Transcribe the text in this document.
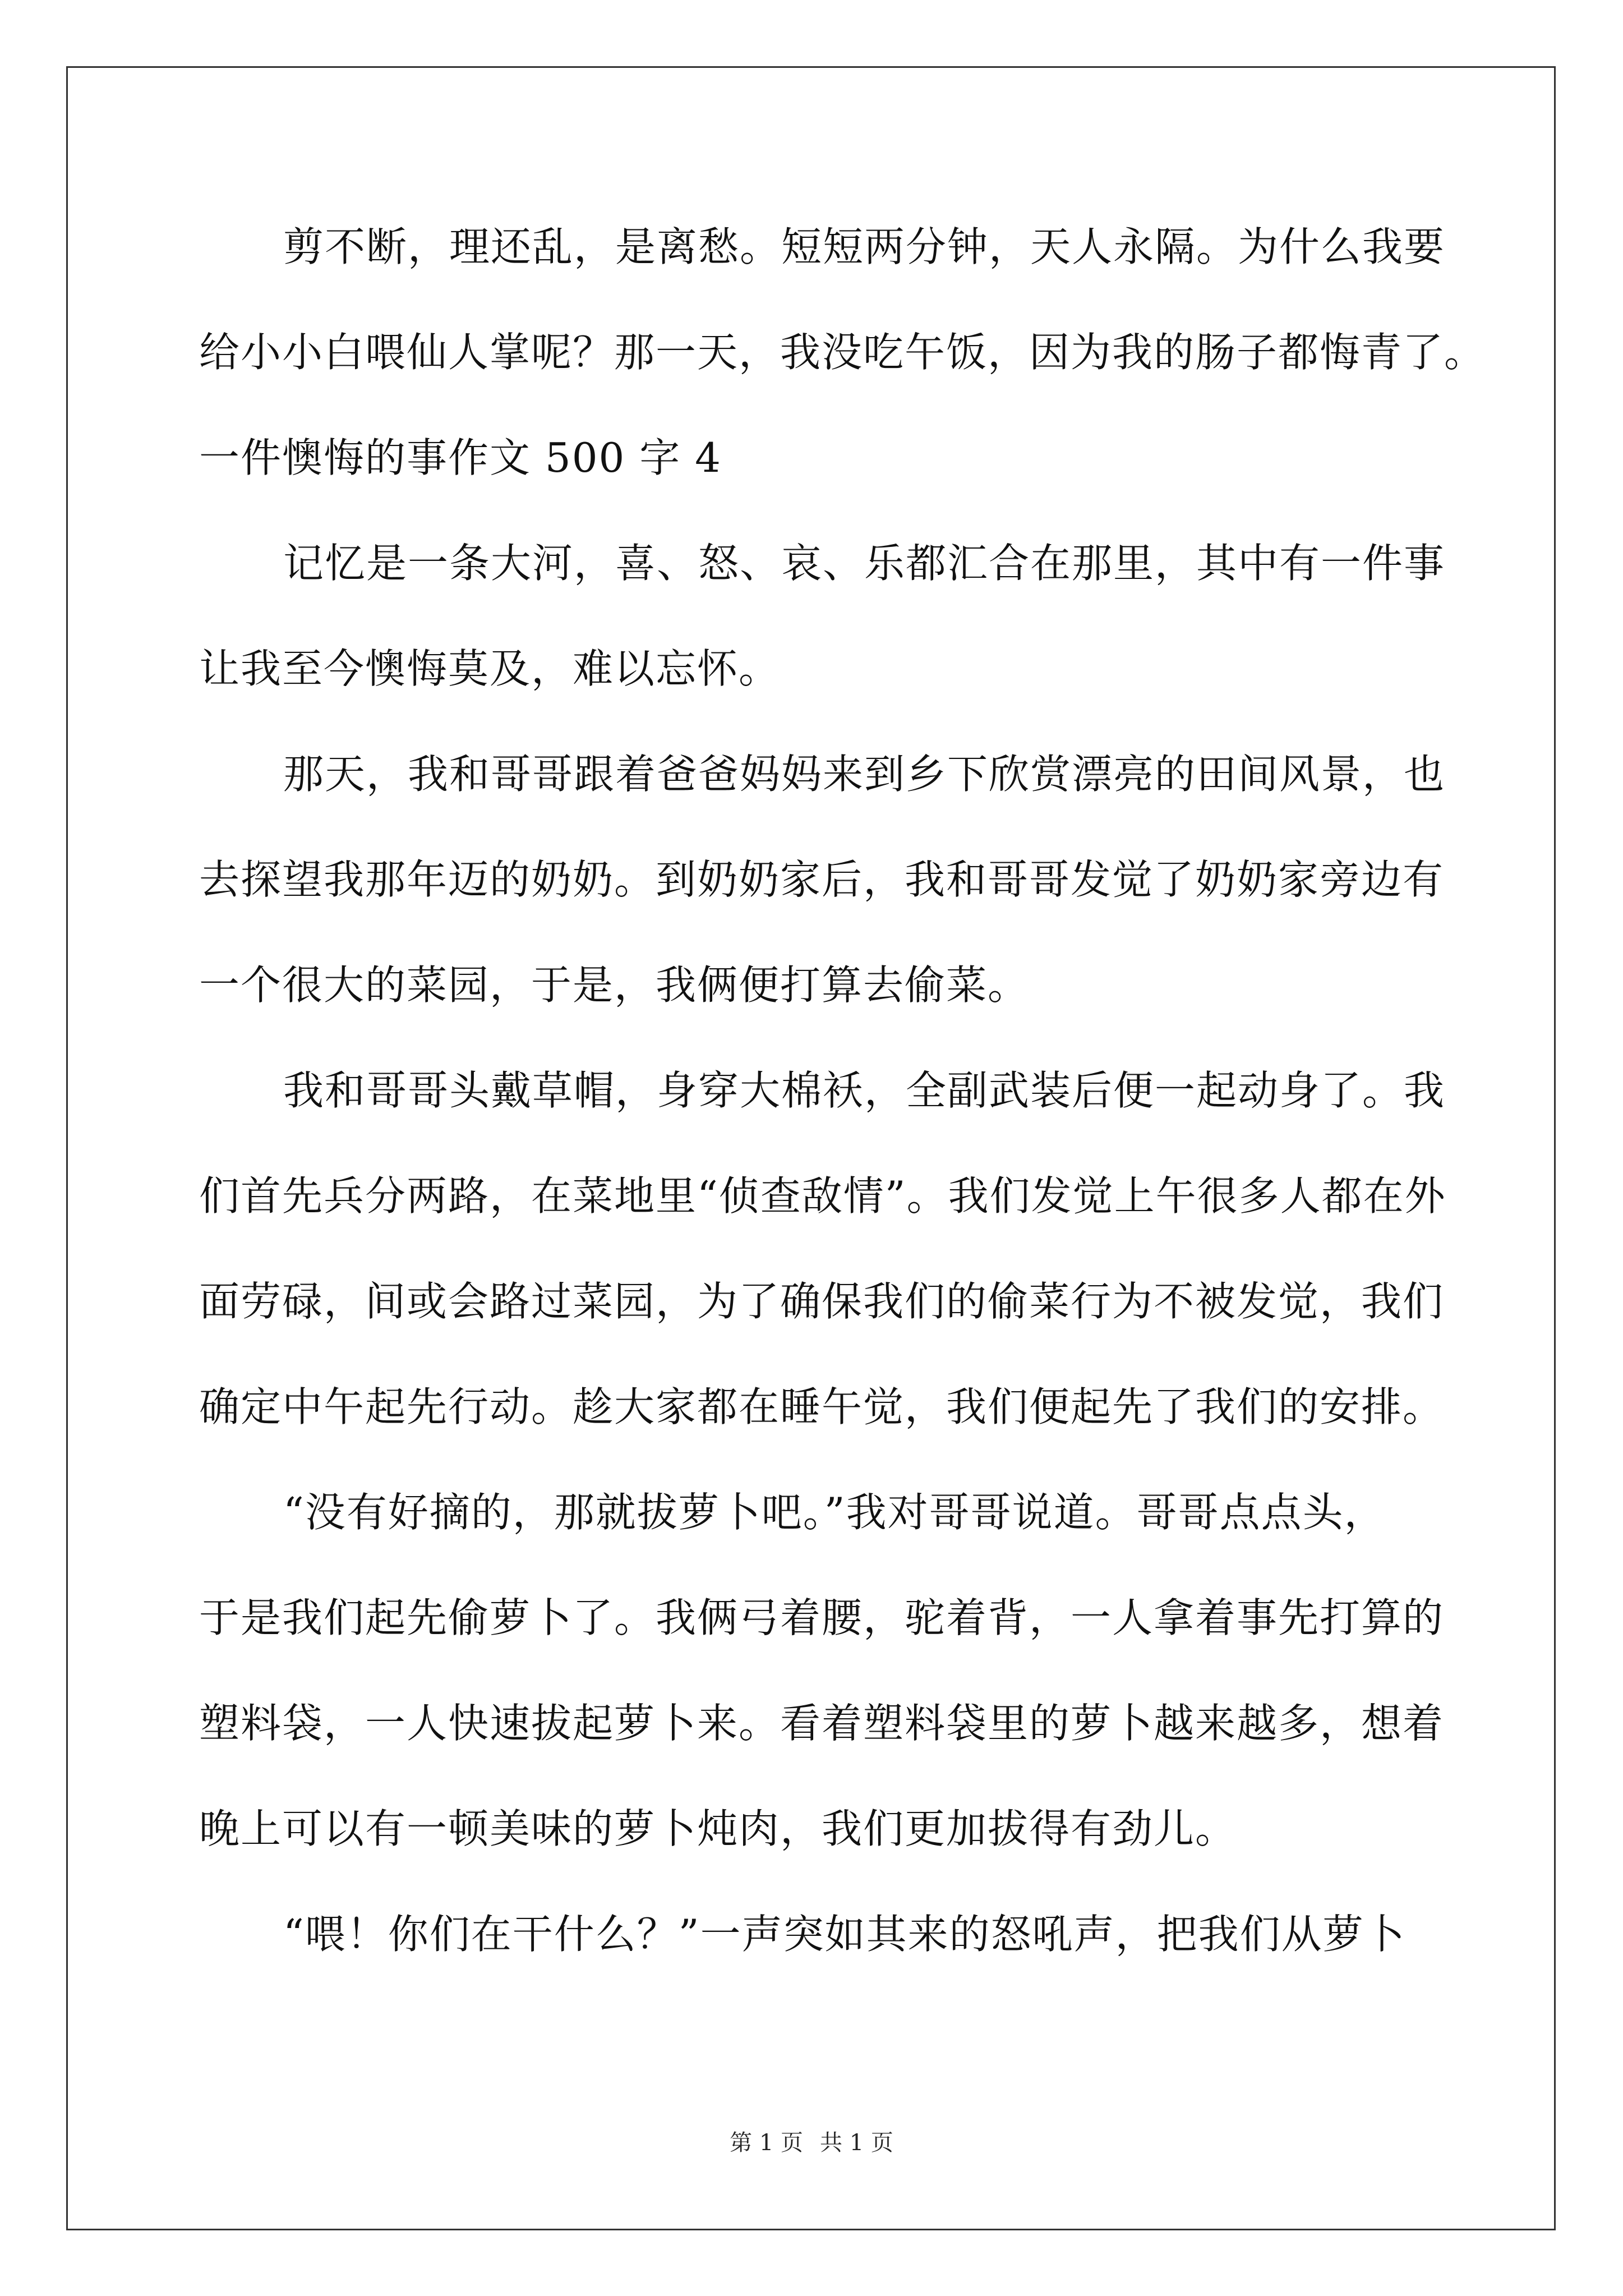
剪不断，理还乱，是离愁。短短两分钟，天人永隔。为什么我要
给小小白喂仙人掌呢？那一天，我没吃午饭，因为我的肠子都悔青了。
一件懊悔的事作文 500 字 4
记忆是一条大河，喜、怒、哀、乐都汇合在那里，其中有一件事
让我至今懊悔莫及，难以忘怀。
那天，我和哥哥跟着爸爸妈妈来到乡下欣赏漂亮的田间风景，也
去探望我那年迈的奶奶。到奶奶家后，我和哥哥发觉了奶奶家旁边有
一个很大的菜园，于是，我俩便打算去偷菜。
我和哥哥头戴草帽，身穿大棉袄，全副武装后便一起动身了。我
们首先兵分两路，在菜地里“侦查敌情”。我们发觉上午很多人都在外
面劳碌，间或会路过菜园，为了确保我们的偷菜行为不被发觉，我们
确定中午起先行动。趁大家都在睡午觉，我们便起先了我们的安排。
“没有好摘的，那就拔萝卜吧。”我对哥哥说道。哥哥点点头，
于是我们起先偷萝卜了。我俩弓着腰，驼着背，一人拿着事先打算的
塑料袋，一人快速拔起萝卜来。看着塑料袋里的萝卜越来越多，想着
晚上可以有一顿美味的萝卜炖肉，我们更加拔得有劲儿。
“喂！你们在干什么？”一声突如其来的怒吼声，把我们从萝卜
第 1 页 共 1 页
